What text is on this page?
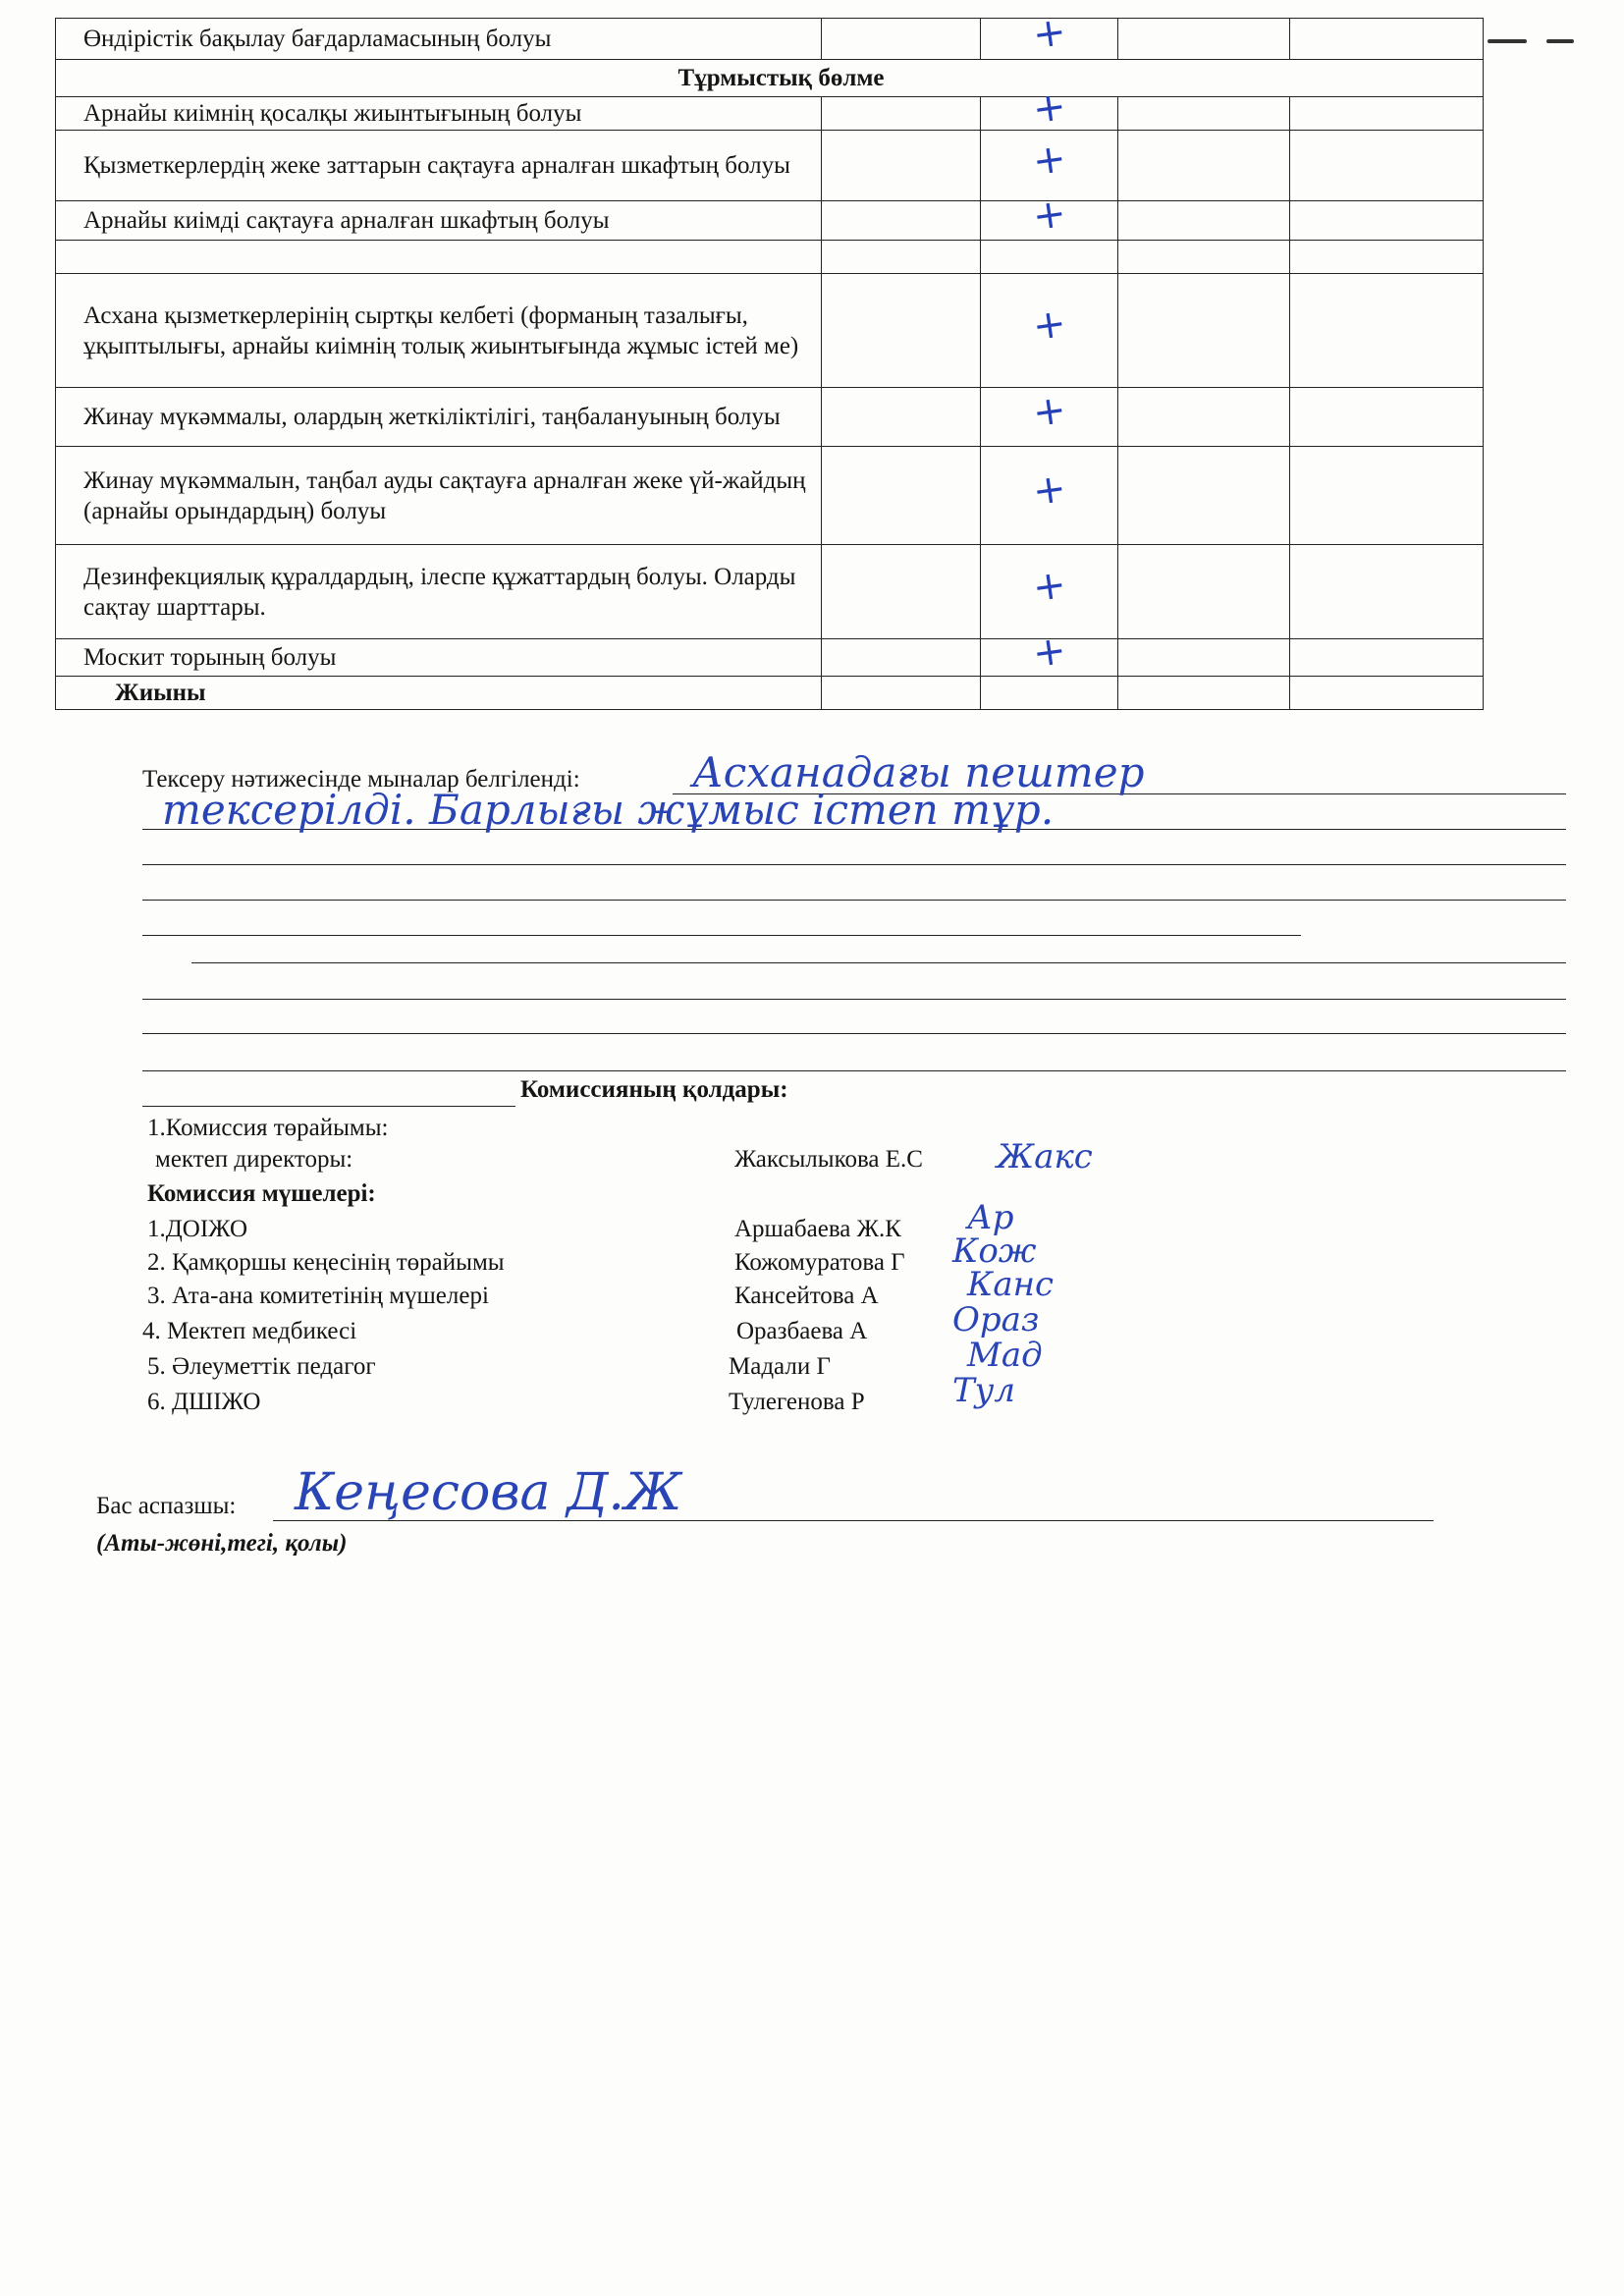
Өндірістік бақылау бағдарламасының болуы		+		
Тұрмыстық бөлме				
Арнайы киімнің қосалқы жиынтығының болуы		+		
Қызметкерлердің жеке заттарын сақтауға арналған шкафтың болуы		+		
Арнайы киімді сақтауға арналған шкафтың болуы		+		

Асхана қызметкерлерінің сыртқы келбеті (форманың тазалығы, ұқыптылығы, арнайы киімнің толық жиынтығында жұмыс істей ме)		+		
Жинау мүкәммалы, олардың жеткіліктілігі, таңбалануының болуы		+		
Жинау мүкәммалын, таңбал ауды сақтауға арналған жеке үй-жайдың (арнайы орындардың) болуы		+		
Дезинфекциялық құралдардың, ілеспе құжаттардың болуы. Оларды сақтау шарттары.		+		
Москит торының болуы		+		
Жиыны				
Тексеру нәтижесінде мыналар белгіленді:	Асханадағы пештер
тексерілді. Барлығы жұмыс істеп тұр.
Комиссияның қолдары:
1.Комиссия төрайымы:
мектеп директоры:	Жаксылыкова Е.С Жакс
Комиссия мүшелері:
1.ДОІЖО	Аршабаева Ж.К Ар
2. Қамқоршы кеңесінің төрайымы	Кожомуратова Г Кож
3. Ата-ана комитетінің мүшелері	Кансейтова А	Канс
4. Мектеп медбикесі	Оразбаева А	Ораз
5. Әлеуметтік педагог	Мадали Г	Мад
6. ДШІЖО	Тулегенова Р	Тул
Бас аспазшы: Кеңесова Д.Ж
(Аты-жөні,тегі, қолы)
